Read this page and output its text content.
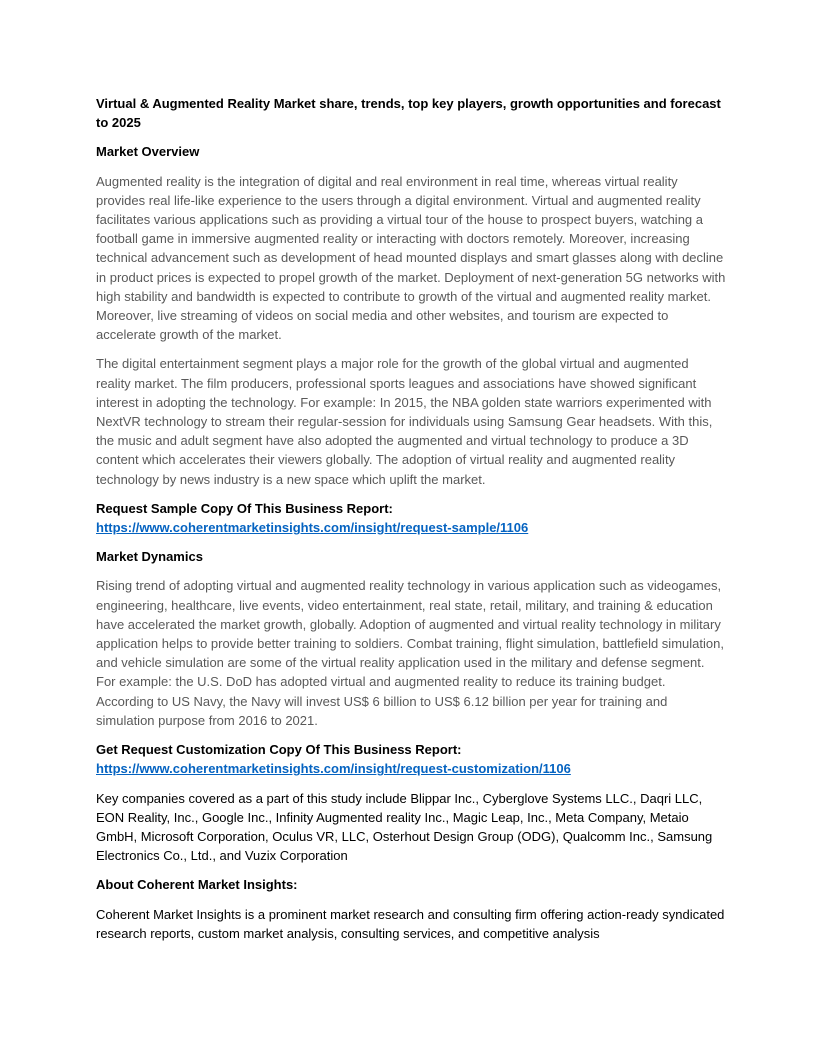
Virtual & Augmented Reality Market share, trends, top key players, growth opportunities and forecast to 2025
Market Overview
Augmented reality is the integration of digital and real environment in real time, whereas virtual reality provides real life-like experience to the users through a digital environment. Virtual and augmented reality facilitates various applications such as providing a virtual tour of the house to prospect buyers, watching a football game in immersive augmented reality or interacting with doctors remotely. Moreover, increasing technical advancement such as development of head mounted displays and smart glasses along with decline in product prices is expected to propel growth of the market. Deployment of next-generation 5G networks with high stability and bandwidth is expected to contribute to growth of the virtual and augmented reality market. Moreover, live streaming of videos on social media and other websites, and tourism are expected to accelerate growth of the market.
The digital entertainment segment plays a major role for the growth of the global virtual and augmented reality market. The film producers, professional sports leagues and associations have showed significant interest in adopting the technology. For example: In 2015, the NBA golden state warriors experimented with NextVR technology to stream their regular-session for individuals using Samsung Gear headsets. With this, the music and adult segment have also adopted the augmented and virtual technology to produce a 3D content which accelerates their viewers globally. The adoption of virtual reality and augmented reality technology by news industry is a new space which uplift the market.
Request Sample Copy Of This Business Report:
https://www.coherentmarketinsights.com/insight/request-sample/1106
Market Dynamics
Rising trend of adopting virtual and augmented reality technology in various application such as videogames, engineering, healthcare, live events, video entertainment, real state, retail, military, and training & education have accelerated the market growth, globally. Adoption of augmented and virtual reality technology in military application helps to provide better training to soldiers. Combat training, flight simulation, battlefield simulation, and vehicle simulation are some of the virtual reality application used in the military and defense segment. For example: the U.S. DoD has adopted virtual and augmented reality to reduce its training budget. According to US Navy, the Navy will invest US$ 6 billion to US$ 6.12 billion per year for training and simulation purpose from 2016 to 2021.
Get Request Customization Copy Of This Business Report:
https://www.coherentmarketinsights.com/insight/request-customization/1106
Key companies covered as a part of this study include Blippar Inc., Cyberglove Systems LLC., Daqri LLC, EON Reality, Inc., Google Inc., Infinity Augmented reality Inc., Magic Leap, Inc., Meta Company, Metaio GmbH, Microsoft Corporation, Oculus VR, LLC, Osterhout Design Group (ODG), Qualcomm Inc., Samsung Electronics Co., Ltd., and Vuzix Corporation
About Coherent Market Insights:
Coherent Market Insights is a prominent market research and consulting firm offering action-ready syndicated research reports, custom market analysis, consulting services, and competitive analysis
